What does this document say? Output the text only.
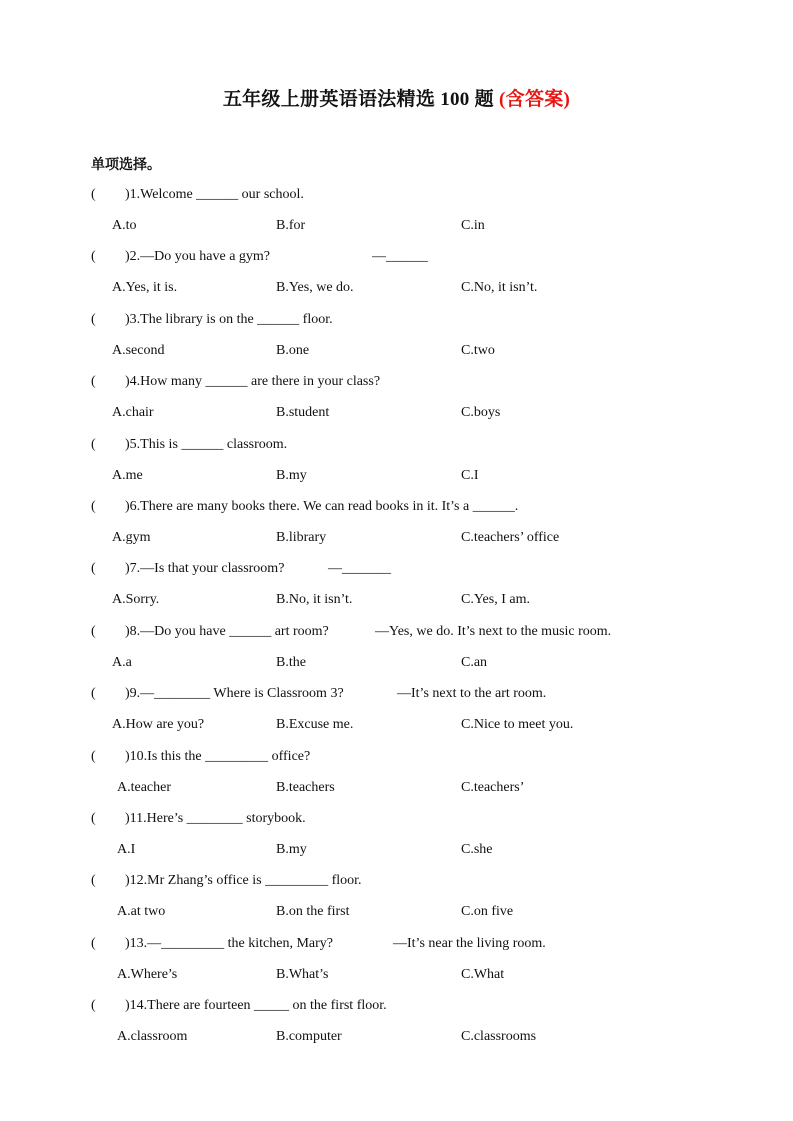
五年级上册英语语法精选 100 题 (含答案)
单项选择。
( )1.Welcome ______ our school.
A.to	B.for	C.in
( )2.—Do you have a gym?	—______
A.Yes, it is.	B.Yes, we do.	C.No, it isn’t.
( )3.The library is on the ______ floor.
A.second	B.one	C.two
( )4.How many ______ are there in your class?
A.chair	B.student	C.boys
( )5.This is ______ classroom.
A.me	B.my	C.I
( )6.There are many books there. We can read books in it. It’s a ______.
A.gym	B.library	C.teachers’ office
( )7.—Is that your classroom?	—_______
A.Sorry.	B.No, it isn’t.	C.Yes, I am.
( )8.—Do you have ______ art room?	—Yes, we do. It’s next to the music room.
A.a	B.the	C.an
( )9.—________ Where is Classroom 3?	—It’s next to the art room.
A.How are you?	B.Excuse me.	C.Nice to meet you.
( )10.Is this the _________ office?
A.teacher	B.teachers	C.teachers’
( )11.Here’s ________ storybook.
A.I	B.my	C.she
( )12.Mr Zhang’s office is _________ floor.
A.at two	B.on the first	C.on five
( )13.—_________ the kitchen, Mary?	—It’s near the living room.
A.Where’s	B.What’s	C.What
( )14.There are fourteen _____ on the first floor.
A.classroom	B.computer	C.classrooms
